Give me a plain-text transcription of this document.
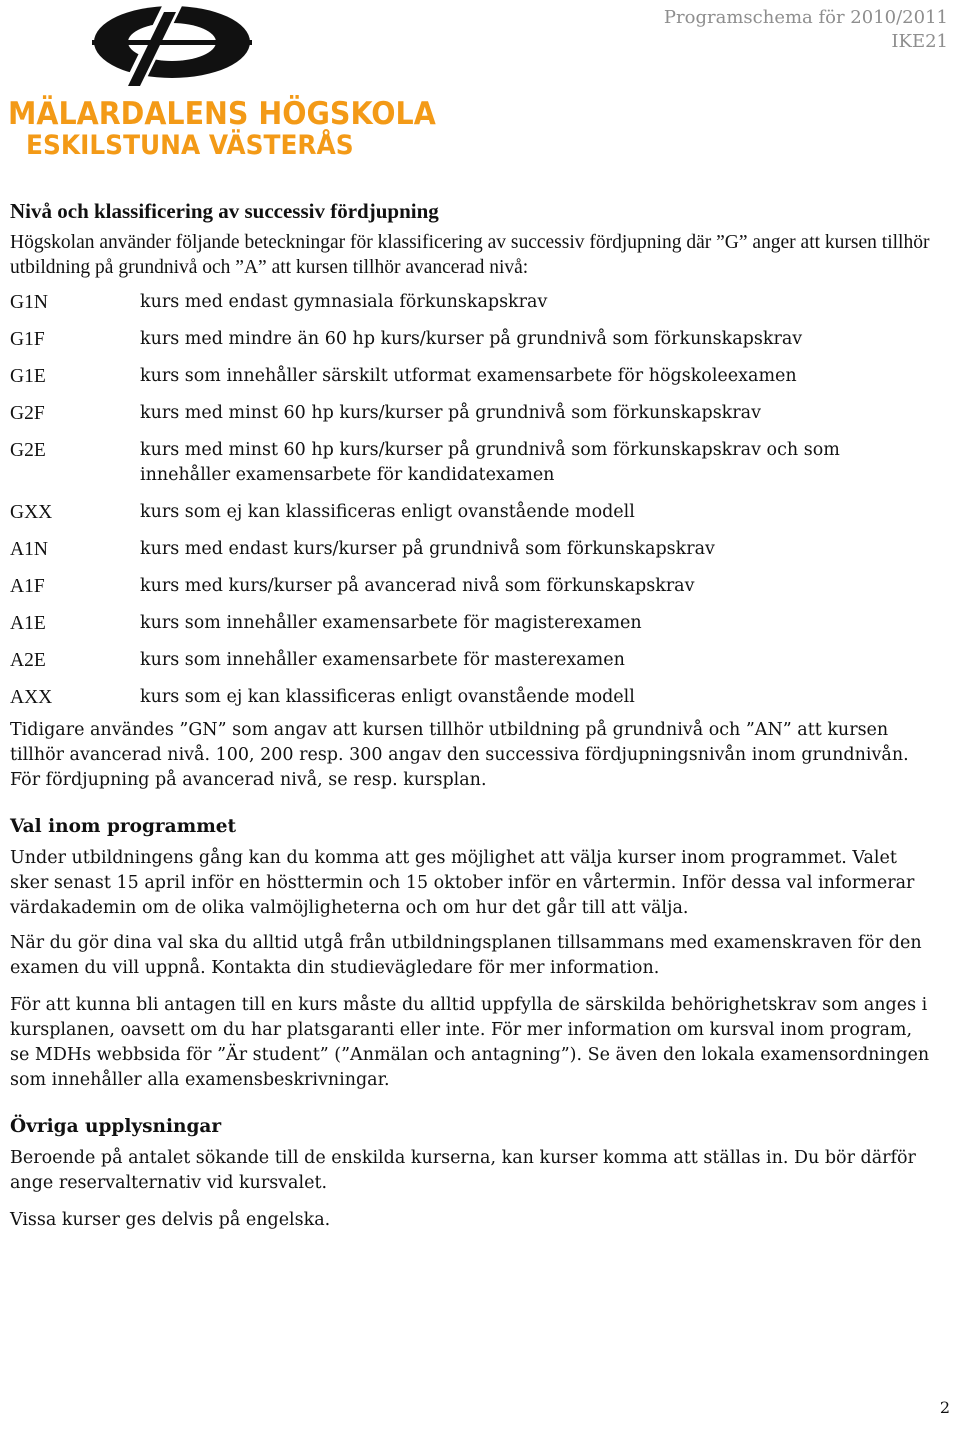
MÄLARDALENS HÖGSKOLA
ESKILSTUNA VÄSTERÅS
Programschema för 2010/2011
IKE21
Nivå och klassificering av successiv fördjupning

Högskolan använder följande beteckningar för klassificering av successiv fördjupning där ”G” anger att kursen tillhör utbildning på grundnivå och ”A” att kursen tillhör avancerad nivå:

G1N	kurs med endast gymnasiala förkunskapskrav
G1F	kurs med mindre än 60 hp kurs/kurser på grundnivå som förkunskapskrav
G1E	kurs som innehåller särskilt utformat examensarbete för högskoleexamen
G2F	kurs med minst 60 hp kurs/kurser på grundnivå som förkunskapskrav
G2E	kurs med minst 60 hp kurs/kurser på grundnivå som förkunskapskrav och som innehåller examensarbete för kandidatexamen
GXX	kurs som ej kan klassificeras enligt ovanstående modell
A1N	kurs med endast kurs/kurser på grundnivå som förkunskapskrav
A1F	kurs med kurs/kurser på avancerad nivå som förkunskapskrav
A1E	kurs som innehåller examensarbete för magisterexamen
A2E	kurs som innehåller examensarbete för masterexamen
AXX	kurs som ej kan klassificeras enligt ovanstående modell

Tidigare användes ”GN” som angav att kursen tillhör utbildning på grundnivå och ”AN” att kursen tillhör avancerad nivå. 100, 200 resp. 300 angav den successiva fördjupningsnivån inom grundnivån. För fördjupning på avancerad nivå, se resp. kursplan.

Val inom programmet

Under utbildningens gång kan du komma att ges möjlighet att välja kurser inom programmet. Valet sker senast 15 april inför en hösttermin och 15 oktober inför en vårtermin. Inför dessa val informerar värdakademin om de olika valmöjligheterna och om hur det går till att välja.

När du gör dina val ska du alltid utgå från utbildningsplanen tillsammans med examenskraven för den examen du vill uppnå. Kontakta din studievägledare för mer information.

För att kunna bli antagen till en kurs måste du alltid uppfylla de särskilda behörighetskrav som anges i kursplanen, oavsett om du har platsgaranti eller inte. För mer information om kursval inom program, se MDHs webbsida för ”Är student” (”Anmälan och antagning”). Se även den lokala examensordningen som innehåller alla examensbeskrivningar.

Övriga upplysningar

Beroende på antalet sökande till de enskilda kurserna, kan kurser komma att ställas in. Du bör därför ange reservalternativ vid kursvalet.

Vissa kurser ges delvis på engelska.

2
